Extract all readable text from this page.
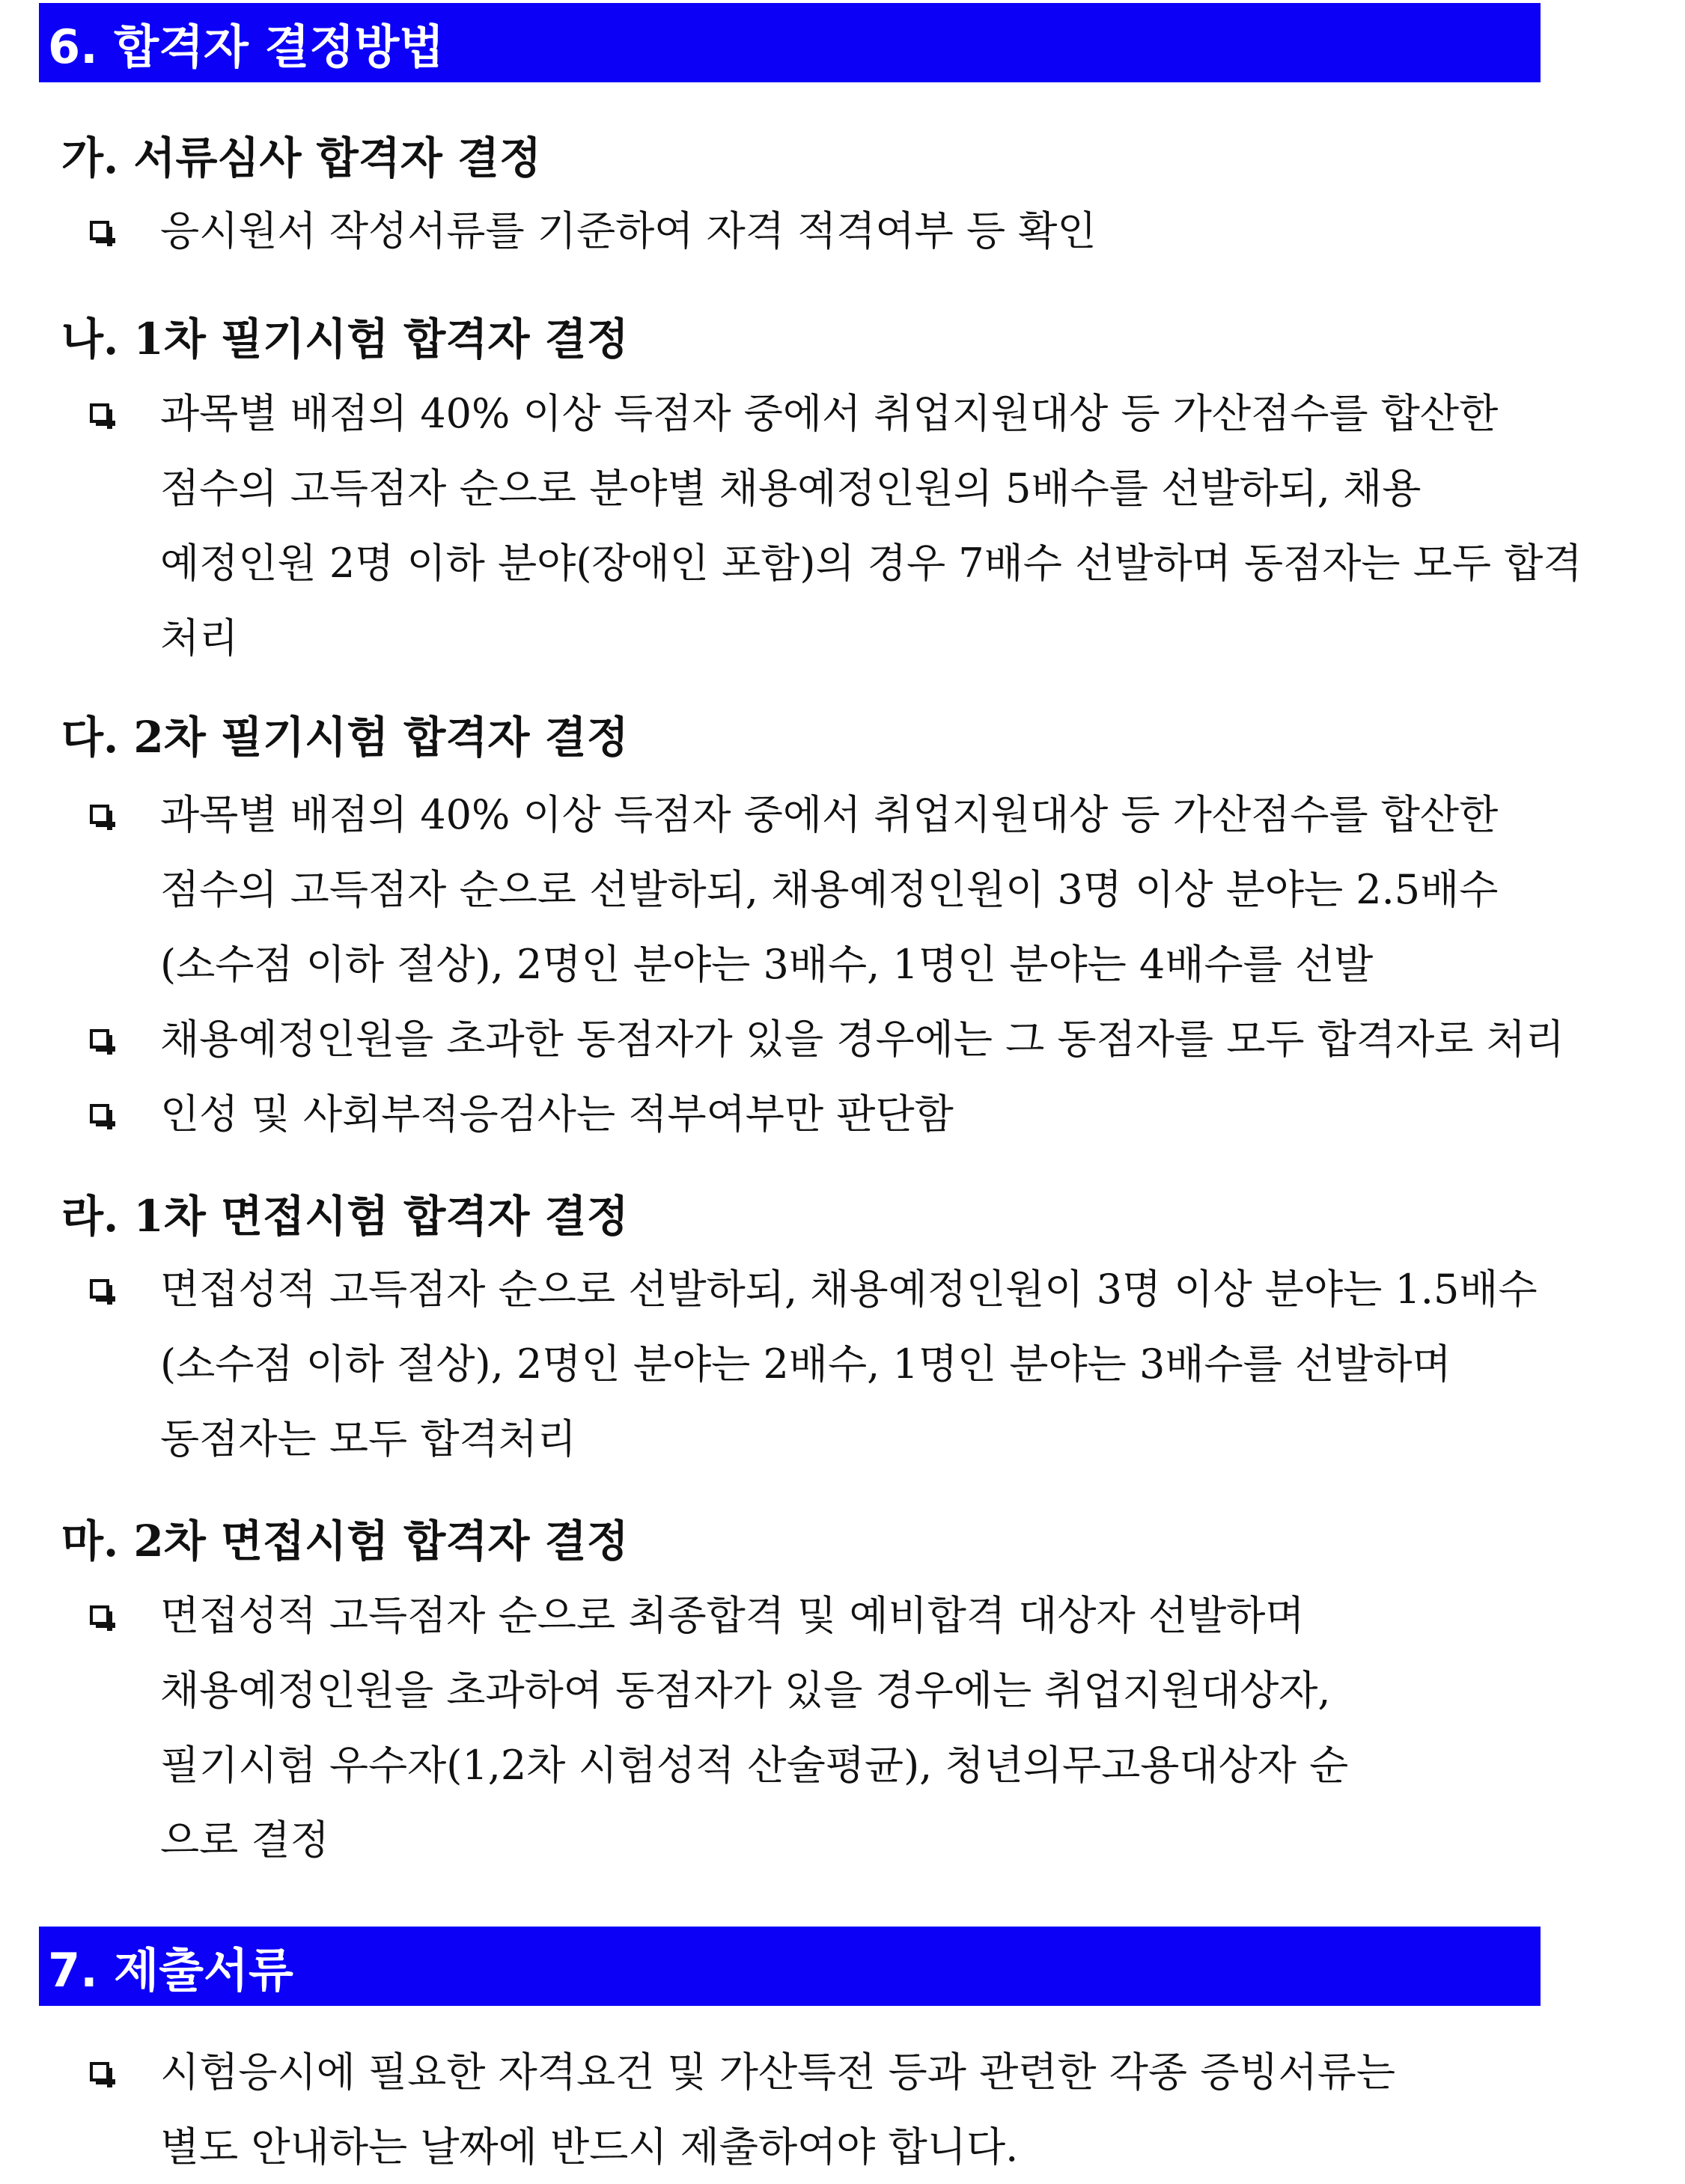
6. 합격자 결정방법
가. 서류심사 합격자 결정
응시원서 작성서류를 기준하여 자격 적격여부 등 확인
나. 1차 필기시험 합격자 결정
과목별 배점의 40% 이상 득점자 중에서 취업지원대상 등 가산점수를 합산한
점수의 고득점자 순으로 분야별 채용예정인원의 5배수를 선발하되, 채용
예정인원 2명 이하 분야(장애인 포함)의 경우 7배수 선발하며 동점자는 모두 합격
처리
다. 2차 필기시험 합격자 결정
과목별 배점의 40% 이상 득점자 중에서 취업지원대상 등 가산점수를 합산한
점수의 고득점자 순으로 선발하되, 채용예정인원이 3명 이상 분야는 2.5배수
(소수점 이하 절상), 2명인 분야는 3배수, 1명인 분야는 4배수를 선발
채용예정인원을 초과한 동점자가 있을 경우에는 그 동점자를 모두 합격자로 처리
인성 및 사회부적응검사는 적부여부만 판단함
라. 1차 면접시험 합격자 결정
면접성적 고득점자 순으로 선발하되, 채용예정인원이 3명 이상 분야는 1.5배수
(소수점 이하 절상), 2명인 분야는 2배수, 1명인 분야는 3배수를 선발하며
동점자는 모두 합격처리
마. 2차 면접시험 합격자 결정
면접성적 고득점자 순으로 최종합격 및 예비합격 대상자 선발하며
채용예정인원을 초과하여 동점자가 있을 경우에는 취업지원대상자,
필기시험 우수자(1,2차 시험성적 산술평균), 청년의무고용대상자 순
으로 결정
7. 제출서류
시험응시에 필요한 자격요건 및 가산특전 등과 관련한 각종 증빙서류는
별도 안내하는 날짜에 반드시 제출하여야 합니다.
